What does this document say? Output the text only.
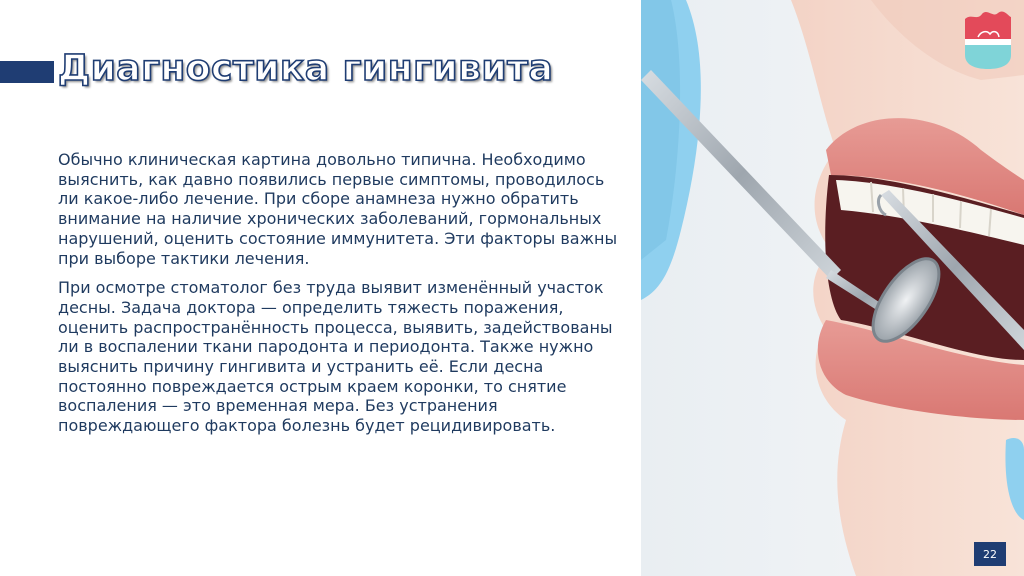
Диагностика гингивита

Обычно клиническая картина довольно типична. Необходимо выяснить, как давно появились первые симптомы, проводилось ли какое-либо лечение. При сборе анамнеза нужно обратить внимание на наличие хронических заболеваний, гормональных нарушений, оценить состояние иммунитета. Эти факторы важны при выборе тактики лечения.

При осмотре стоматолог без труда выявит изменённый участок десны. Задача доктора — определить тяжесть поражения, оценить распространённость процесса, выявить, задействованы ли в воспалении ткани пародонта и периодонта. Также нужно выяснить причину гингивита и устранить её. Если десна постоянно повреждается острым краем коронки, то снятие воспаления — это временная мера. Без устранения повреждающего фактора болезнь будет рецидивировать.

22
